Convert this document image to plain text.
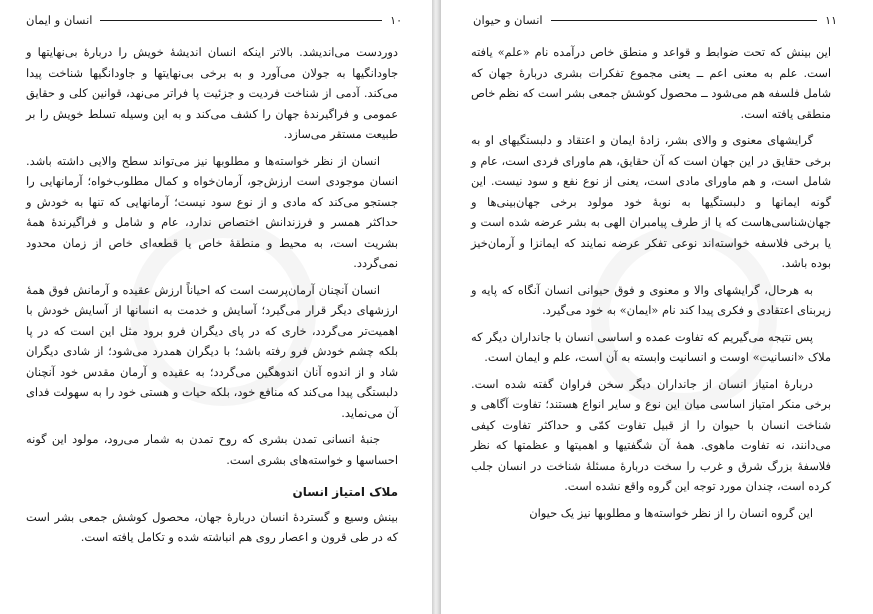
۱۰
انسان و ایمان

دوردست می‌اندیشد. بالاتر اینکه انسان اندیشهٔ خویش را دربارهٔ بی‌نهایتها و جاودانگیها به جولان می‌آورد و به برخی بی‌نهایتها و جاودانگیها شناخت پیدا می‌کند. آدمی از شناخت فردیت و جزئیت پا فراتر می‌نهد، قوانین کلی و حقایق عمومی و فراگیرندهٔ جهان را کشف می‌کند و به این وسیله تسلط خویش را بر طبیعت مستقر می‌سازد.

انسان از نظر خواسته‌ها و مطلوبها نیز می‌تواند سطح والایی داشته باشد. انسان موجودی است ارزش‌جو، آرمان‌خواه و کمال مطلوب‌خواه؛ آرمانهایی را جستجو می‌کند که مادی و از نوع سود نیست؛ آرمانهایی که تنها به خودش و حداکثر همسر و فرزندانش اختصاص ندارد، عام و شامل و فراگیرندهٔ همهٔ بشریت است، به محیط و منطقهٔ خاص یا قطعه‌ای خاص از زمان محدود نمی‌گردد.

انسان آنچنان آرمان‌پرست است که احیاناً ارزش عقیده و آرمانش فوق همهٔ ارزشهای دیگر قرار می‌گیرد؛ آسایش و خدمت به انسانها از آسایش خودش با اهمیت‌تر می‌گردد، خاری که در پای دیگران فرو برود مثل این است که در پا بلکه چشم خودش فرو رفته باشد؛ با دیگران همدرد می‌شود؛ از شادی دیگران شاد و از اندوه آنان اندوهگین می‌گردد؛ به عقیده و آرمان مقدس خود آنچنان دلبستگی پیدا می‌کند که منافع خود، بلکه حیات و هستی خود را به سهولت فدای آن می‌نماید.

جنبهٔ انسانی تمدن بشری که روح تمدن به شمار می‌رود، مولود این گونه احساسها و خواسته‌های بشری است.

ملاک امتیاز انسان

بینش وسیع و گستردهٔ انسان دربارهٔ جهان، محصول کوشش جمعی بشر است که در طی قرون و اعصار روی هم انباشته شده و تکامل یافته است.

۱۱
انسان و حیوان

این بینش که تحت ضوابط و قواعد و منطق خاص درآمده نام «علم» یافته است. علم به معنی اعم ــ یعنی مجموع تفکرات بشری دربارهٔ جهان که شامل فلسفه هم می‌شود ــ محصول کوشش جمعی بشر است که نظم خاص منطقی یافته است.

گرایشهای معنوی و والای بشر، زادهٔ ایمان و اعتقاد و دلبستگیهای او به برخی حقایق در این جهان است که آن حقایق، هم ماورای فردی است، عام و شامل است، و هم ماورای مادی است، یعنی از نوع نفع و سود نیست. این گونه ایمانها و دلبستگیها به نوبهٔ خود مولود برخی جهان‌بینی‌ها و جهان‌شناسی‌هاست که یا از طرف پیامبران الهی به بشر عرضه شده است و یا برخی فلاسفه خواسته‌اند نوعی تفکر عرضه نمایند که ایمانزا و آرمان‌خیز بوده باشد.

به هرحال، گرایشهای والا و معنوی و فوق حیوانی انسان آنگاه که پایه و زیربنای اعتقادی و فکری پیدا کند نام «ایمان» به خود می‌گیرد.

پس نتیجه می‌گیریم که تفاوت عمده و اساسی انسان با جانداران دیگر که ملاک «انسانیت» اوست و انسانیت وابسته به آن است، علم و ایمان است.

دربارهٔ امتیاز انسان از جانداران دیگر سخن فراوان گفته شده است. برخی منکر امتیاز اساسی میان این نوع و سایر انواع هستند؛ تفاوت آگاهی و شناخت انسان با حیوان را از قبیل تفاوت کمّی و حداکثر تفاوت کیفی می‌دانند، نه تفاوت ماهوی. همهٔ آن شگفتیها و اهمیتها و عظمتها که نظر فلاسفهٔ بزرگ شرق و غرب را سخت دربارهٔ مسئلهٔ شناخت در انسان جلب کرده است، چندان مورد توجه این گروه واقع نشده است.

این گروه انسان را از نظر خواسته‌ها و مطلوبها نیز یک حیوان
